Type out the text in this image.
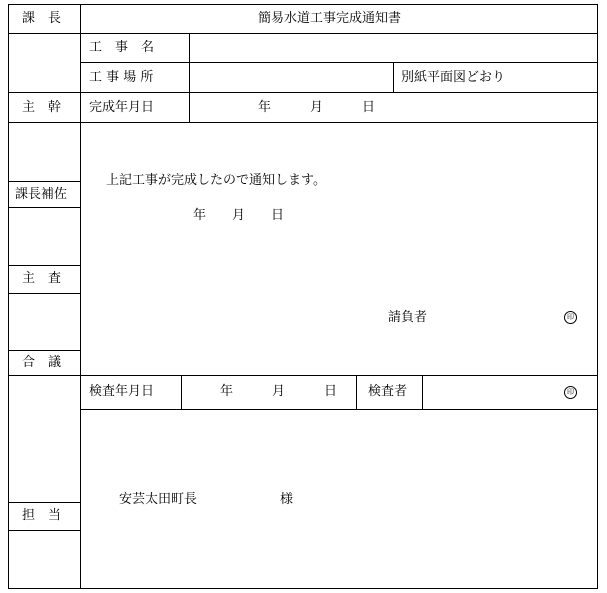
課　長
主　幹
課長補佐
主　査
合　議
担　当
簡易水道工事完成通知書
工　事　名
工 事 場 所	別紙平面図どおり
完成年月日	年　　　月　　　日
上記工事が完成したので通知します。
年　　月　　日
請負者	印
検査年月日	年　　　月　　　日 検査者	印
安芸太田町長	様
